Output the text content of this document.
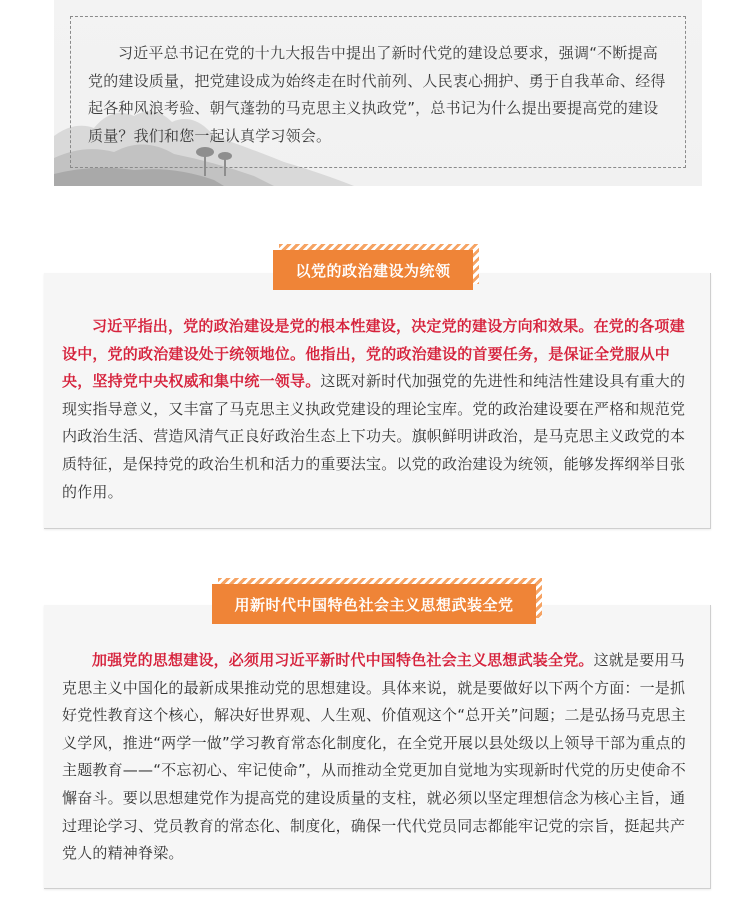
习近平总书记在党的十九大报告中提出了新时代党的建设总要求，强调“不断提高党的建设质量，把党建设成为始终走在时代前列、人民衷心拥护、勇于自我革命、经得起各种风浪考验、朝气蓬勃的马克思主义执政党”，总书记为什么提出要提高党的建设质量？我们和您一起认真学习领会。

以党的政治建设为统领

习近平指出，党的政治建设是党的根本性建设，决定党的建设方向和效果。在党的各项建设中，党的政治建设处于统领地位。他指出，党的政治建设的首要任务，是保证全党服从中央，坚持党中央权威和集中统一领导。这既对新时代加强党的先进性和纯洁性建设具有重大的现实指导意义，又丰富了马克思主义执政党建设的理论宝库。党的政治建设要在严格和规范党内政治生活、营造风清气正良好政治生态上下功夫。旗帜鲜明讲政治，是马克思主义政党的本质特征，是保持党的政治生机和活力的重要法宝。以党的政治建设为统领，能够发挥纲举目张的作用。

用新时代中国特色社会主义思想武装全党

加强党的思想建设，必须用习近平新时代中国特色社会主义思想武装全党。这就是要用马克思主义中国化的最新成果推动党的思想建设。具体来说，就是要做好以下两个方面：一是抓好党性教育这个核心，解决好世界观、人生观、价值观这个“总开关”问题；二是弘扬马克思主义学风，推进“两学一做”学习教育常态化制度化，在全党开展以县处级以上领导干部为重点的主题教育——“不忘初心、牢记使命”，从而推动全党更加自觉地为实现新时代党的历史使命不懈奋斗。要以思想建党作为提高党的建设质量的支柱，就必须以坚定理想信念为核心主旨，通过理论学习、党员教育的常态化、制度化，确保一代代党员同志都能牢记党的宗旨，挺起共产党人的精神脊梁。
